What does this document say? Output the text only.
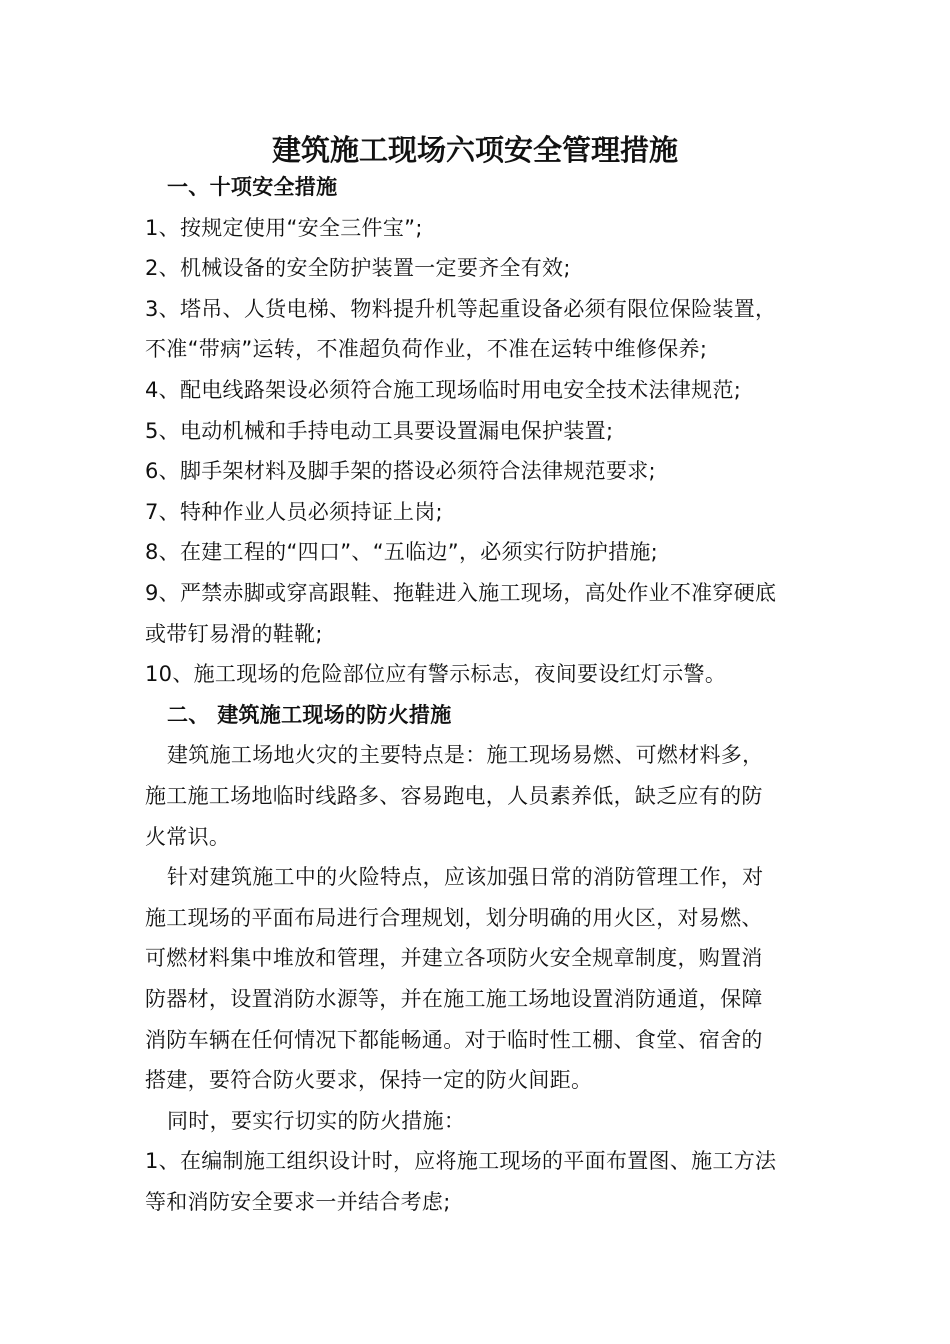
建筑施工现场六项安全管理措施
一、十项安全措施
1、按规定使用“安全三件宝”;
2、机械设备的安全防护装置一定要齐全有效;
3、塔吊、人货电梯、物料提升机等起重设备必须有限位保险装置，
不准“带病”运转，不准超负荷作业，不准在运转中维修保养;
4、配电线路架设必须符合施工现场临时用电安全技术法律规范;
5、电动机械和手持电动工具要设置漏电保护装置;
6、脚手架材料及脚手架的搭设必须符合法律规范要求;
7、特种作业人员必须持证上岗;
8、在建工程的“四口”、“五临边”，必须实行防护措施;
9、严禁赤脚或穿高跟鞋、拖鞋进入施工现场，高处作业不准穿硬底
或带钉易滑的鞋靴;
10、施工现场的危险部位应有警示标志，夜间要设红灯示警。
二、 建筑施工现场的防火措施
建筑施工场地火灾的主要特点是：施工现场易燃、可燃材料多，
施工施工场地临时线路多、容易跑电，人员素养低，缺乏应有的防
火常识。
针对建筑施工中的火险特点，应该加强日常的消防管理工作，对
施工现场的平面布局进行合理规划，划分明确的用火区，对易燃、
可燃材料集中堆放和管理，并建立各项防火安全规章制度，购置消
防器材，设置消防水源等，并在施工施工场地设置消防通道，保障
消防车辆在任何情况下都能畅通。对于临时性工棚、食堂、宿舍的
搭建，要符合防火要求，保持一定的防火间距。
同时，要实行切实的防火措施：
1、在编制施工组织设计时，应将施工现场的平面布置图、施工方法
等和消防安全要求一并结合考虑;
